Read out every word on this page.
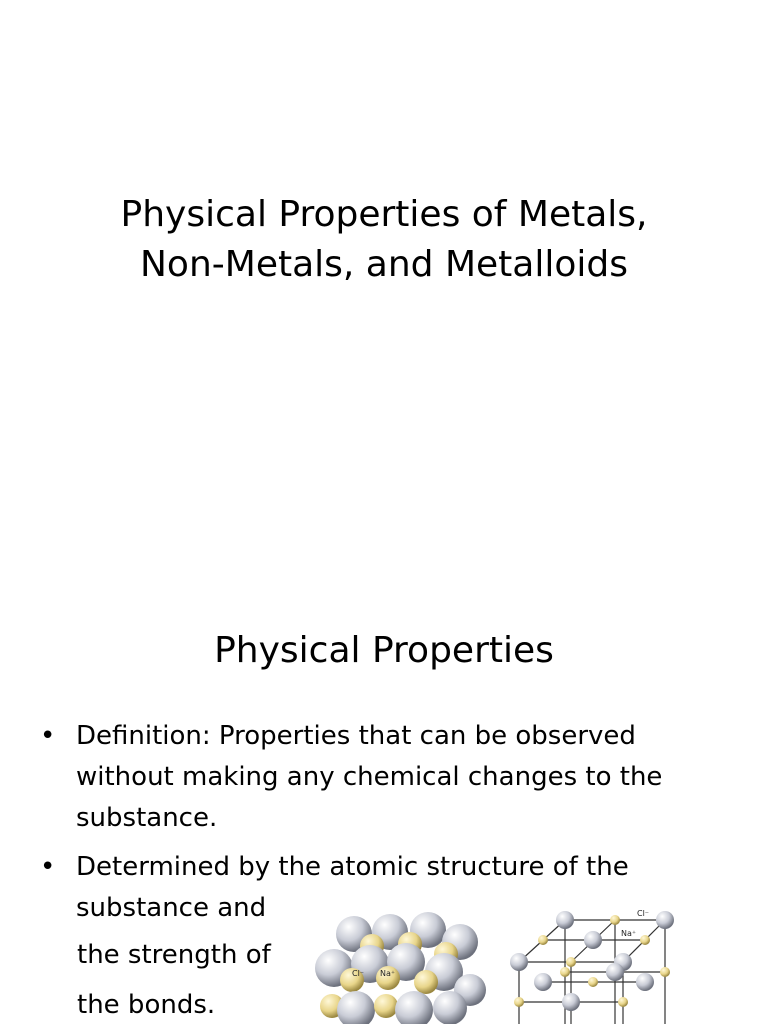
Physical Properties of Metals,
Non-Metals, and Metalloids
Physical Properties
• Definition: Properties that can be observed
without making any chemical changes to the
substance.
• Determined by the atomic structure of the
substance and
the strength of
the bonds.
Cl⁻ Na⁺
Cl⁻
Na⁺
